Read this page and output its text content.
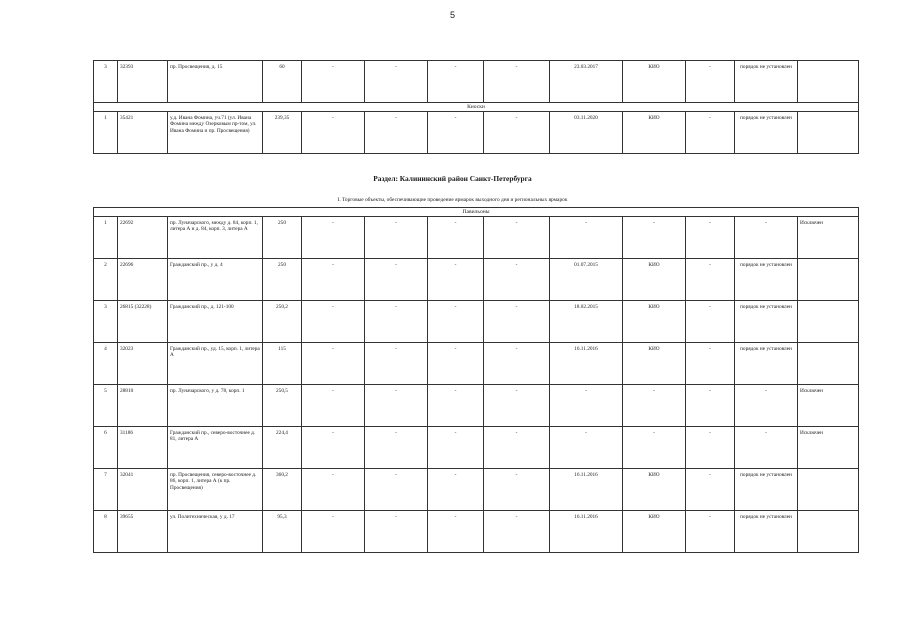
5
3	32393	пр. Просвещения, д. 15	60	-	-	-	-	23.03.2017	КИО	-	порядок не установлен	
Киоски												
1	35421	у.д. Ивана Фомина, уч.71 (ул. Ивана Фомина между Озерковым пр-том, ул. Ивана Фомина и пр. Просвещения)	239,35	-	-	-	-	03.11.2020	КИО	-	порядок не установлен	
Раздел: Калининский район Санкт-Петербурга
I. Торговые объекты, обеспечивающие проведение ярмарок выходного дня и региональных ярмарок
Павильоны												
1	22692	пр. Луначарского, между д. 84, корп. 1, литера А и д. 84, корп. 3, литера А	250	-	-	-	-	-	-	-	-	Исключен
2	22696	Гражданский пр., у д. 4	250	-	-	-	-	01.07.2015	КИО	-	порядок не установлен	
3	26815 (32228)	Гражданский пр., д. 121-100	250,2	-	-	-	-	18.02.2015	КИО	-	порядок не установлен	
4	32023	Гражданский пр., уд. 15, корп. 1, литера А	115	-	-	-	-	16.11.2016	КИО	-	порядок не установлен	
5	28810	пр. Луначарского, у д. 78, корп. 1	250,5	-	-	-	-	-	-	-	-	Исключен
6	31186	Гражданский пр., северо-восточнее д. 81, литера А	224,4	-	-	-	-	-	-	-	-	Исключен
7	32041	пр. Просвещения, северо-восточнее д. 86, корп. 1, литера А (к пр. Просвещения)	360,2	-	-	-	-	16.11.2016	КИО	-	порядок не установлен	
8	39655	ул. Политехническая, у д. 17	95,3	-	-	-	-	16.11.2016	КИО	-	порядок не установлен	
